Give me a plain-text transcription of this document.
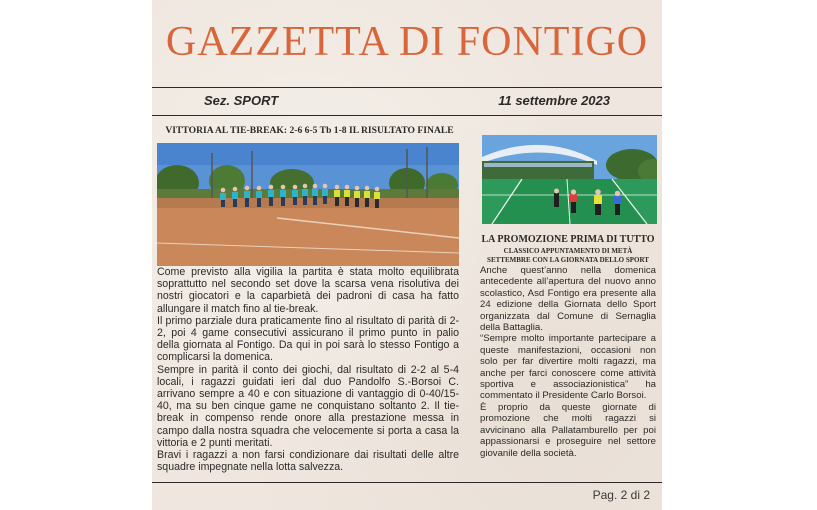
GAZZETTA DI FONTIGO
Sez. SPORT	11 settembre 2023
VITTORIA AL TIE-BREAK: 2-6 6-5 Tb 1-8 IL RISULTATO FINALE

Come previsto alla vigilia la partita è stata molto equilibrata soprattutto nel secondo set dove la scarsa vena risolutiva dei nostri giocatori e la caparbietà dei padroni di casa ha fatto allungare il match fino al tie-break.

Il primo parziale dura praticamente fino al risultato di parità di 2-2, poi 4 game consecutivi assicurano il primo punto in palio della giornata al Fontigo. Da qui in poi sarà lo stesso Fontigo a complicarsi la domenica.

Sempre in parità il conto dei giochi, dal risultato di 2-2 al 5-4 locali, i ragazzi guidati ieri dal duo Pandolfo S.-Borsoi C. arrivano sempre a 40 e con situazione di vantaggio di 0-40/15-40, ma su ben cinque game ne conquistano soltanto 2. Il tie-break in compenso rende onore alla prestazione messa in campo dalla nostra squadra che velocemente si porta a casa la vittoria e 2 punti meritati.

Bravi i ragazzi a non farsi condizionare dai risultati delle altre squadre impegnate nella lotta salvezza.

LA PROMOZIONE PRIMA DI TUTTO
CLASSICO APPUNTAMENTO DI METÀ
SETTEMBRE CON LA GIORNATA DELLO SPORT

Anche quest’anno nella domenica antecedente all’apertura del nuovo anno scolastico, Asd Fontigo era presente alla 24 edizione della Giornata dello Sport organizzata dal Comune di Sernaglia della Battaglia.

“Sempre molto importante partecipare a queste manifestazioni, occasioni non solo per far divertire molti ragazzi, ma anche per farci conoscere come attività sportiva e associazionistica” ha commentato il Presidente Carlo Borsoi.

È proprio da queste giornate di promozione che molti ragazzi si avvicinano alla Pallatamburello per poi appassionarsi e proseguire nel settore giovanile della società.

Pag. 2 di 2
